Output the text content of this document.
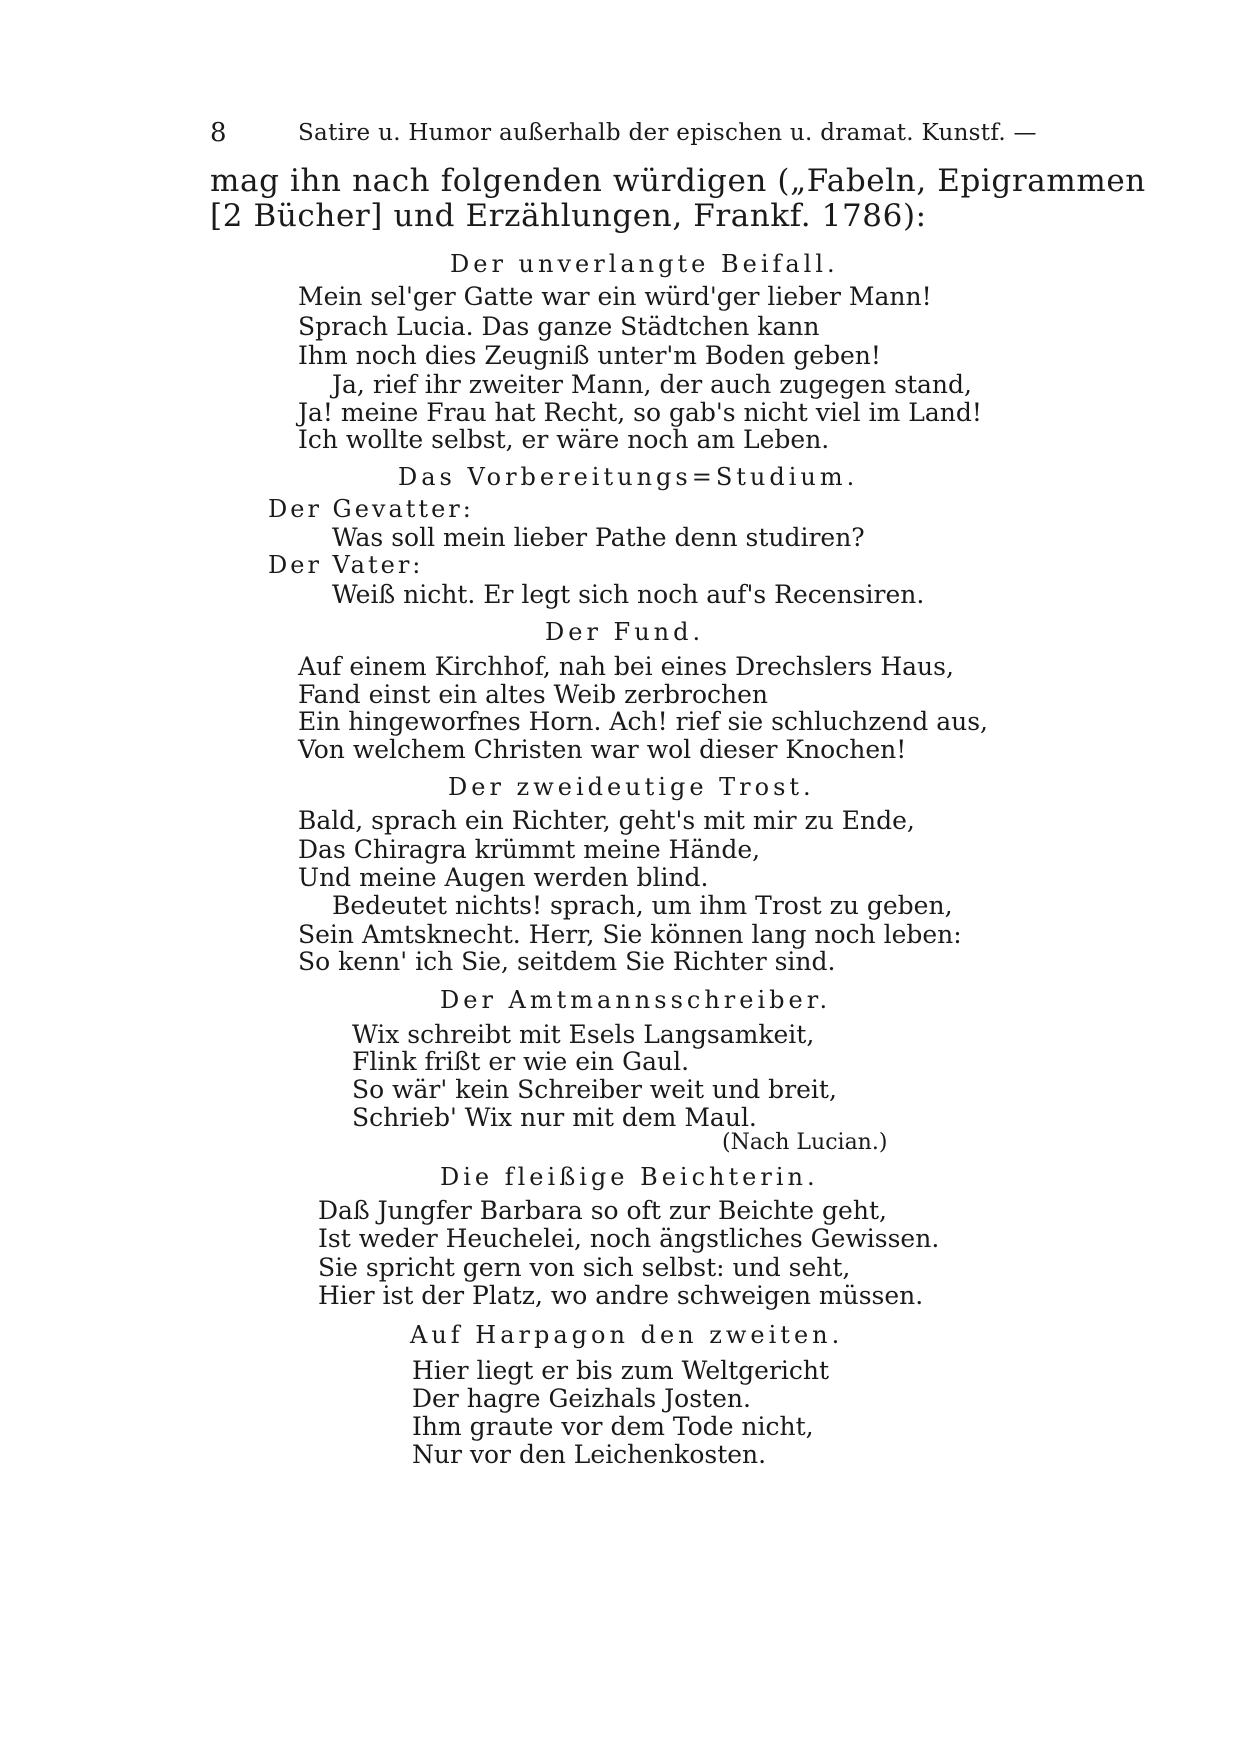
8	Satire u. Humor außerhalb der epischen u. dramat. Kunstf. —
mag ihn nach folgenden würdigen („Fabeln, Epigrammen
[2 Bücher] und Erzählungen, Frankf. 1786):
Der unverlangte Beifall.
Mein sel'ger Gatte war ein würd'ger lieber Mann!
Sprach Lucia. Das ganze Städtchen kann
Ihm noch dies Zeugniß unter'm Boden geben!
Ja, rief ihr zweiter Mann, der auch zugegen stand,
Ja! meine Frau hat Recht, so gab's nicht viel im Land!
Ich wollte selbst, er wäre noch am Leben.
Das Vorbereitungs=Studium.
Der Gevatter:
Was soll mein lieber Pathe denn studiren?
Der Vater:
Weiß nicht. Er legt sich noch auf's Recensiren.
Der Fund.
Auf einem Kirchhof, nah bei eines Drechslers Haus,
Fand einst ein altes Weib zerbrochen
Ein hingeworfnes Horn. Ach! rief sie schluchzend aus,
Von welchem Christen war wol dieser Knochen!
Der zweideutige Trost.
Bald, sprach ein Richter, geht's mit mir zu Ende,
Das Chiragra krümmt meine Hände,
Und meine Augen werden blind.
Bedeutet nichts! sprach, um ihm Trost zu geben,
Sein Amtsknecht. Herr, Sie können lang noch leben:
So kenn' ich Sie, seitdem Sie Richter sind.
Der Amtmannsschreiber.
Wix schreibt mit Esels Langsamkeit,
Flink frißt er wie ein Gaul.
So wär' kein Schreiber weit und breit,
Schrieb' Wix nur mit dem Maul.
(Nach Lucian.)
Die fleißige Beichterin.
Daß Jungfer Barbara so oft zur Beichte geht,
Ist weder Heuchelei, noch ängstliches Gewissen.
Sie spricht gern von sich selbst: und seht,
Hier ist der Platz, wo andre schweigen müssen.
Auf Harpagon den zweiten.
Hier liegt er bis zum Weltgericht
Der hagre Geizhals Josten.
Ihm graute vor dem Tode nicht,
Nur vor den Leichenkosten.
